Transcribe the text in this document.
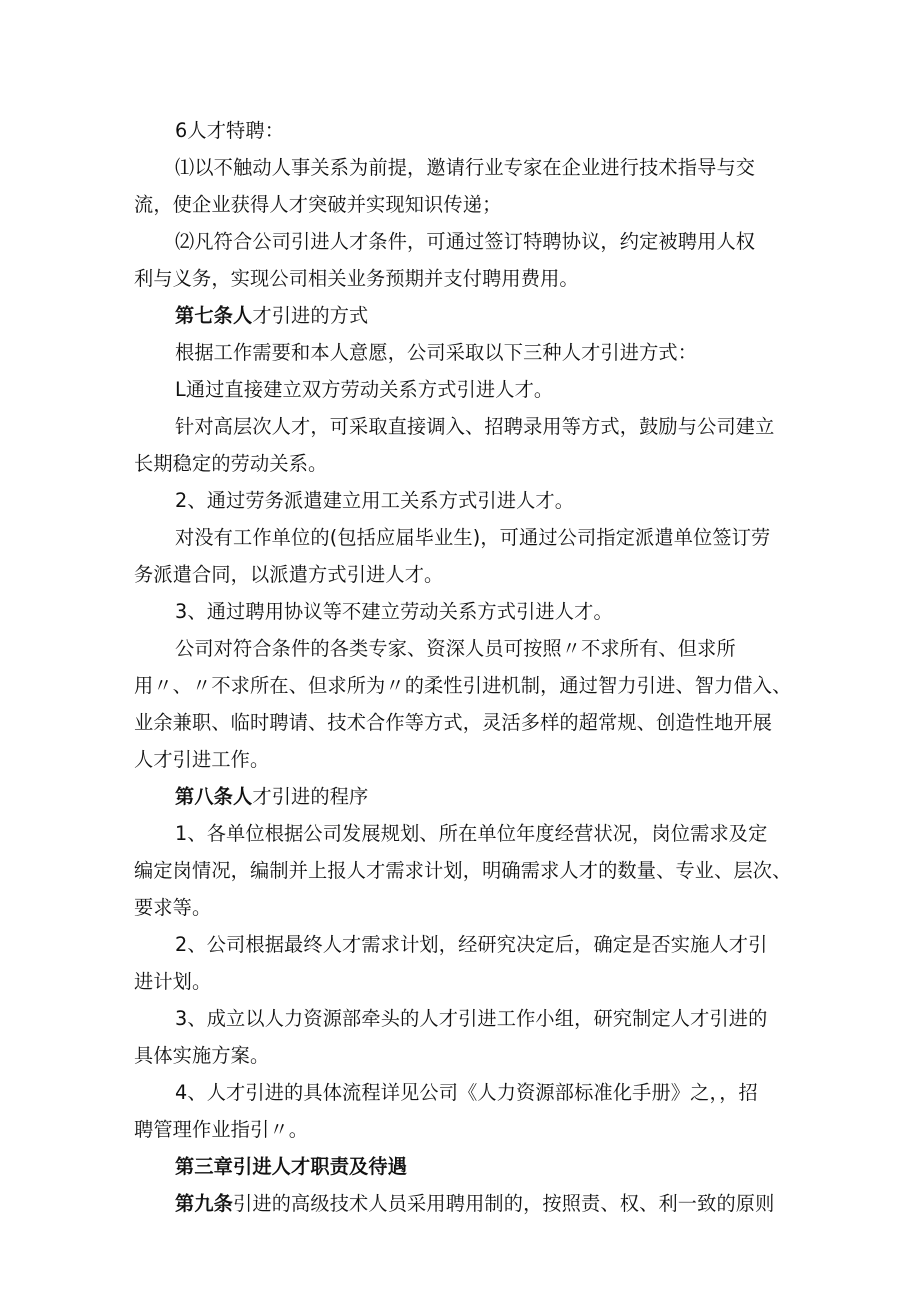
6人才特聘：
⑴以不触动人事关系为前提，邀请行业专家在企业进行技术指导与交
流，使企业获得人才突破并实现知识传递；
⑵凡符合公司引进人才条件，可通过签订特聘协议，约定被聘用人权
利与义务，实现公司相关业务预期并支付聘用费用。
第七条人才引进的方式
根据工作需要和本人意愿，公司采取以下三种人才引进方式：
L通过直接建立双方劳动关系方式引进人才。
针对高层次人才，可采取直接调入、招聘录用等方式，鼓励与公司建立
长期稳定的劳动关系。
2、通过劳务派遣建立用工关系方式引进人才。
对没有工作单位的(包括应届毕业生)，可通过公司指定派遣单位签订劳
务派遣合同，以派遣方式引进人才。
3、通过聘用协议等不建立劳动关系方式引进人才。
公司对符合条件的各类专家、资深人员可按照〃不求所有、但求所
用〃、〃不求所在、但求所为〃的柔性引进机制，通过智力引进、智力借入、
业余兼职、临时聘请、技术合作等方式，灵活多样的超常规、创造性地开展
人才引进工作。
第八条人才引进的程序
1、各单位根据公司发展规划、所在单位年度经营状况，岗位需求及定
编定岗情况，编制并上报人才需求计划，明确需求人才的数量、专业、层次、
要求等。
2、公司根据最终人才需求计划，经研究决定后，确定是否实施人才引
进计划。
3、成立以人力资源部牵头的人才引进工作小组，研究制定人才引进的
具体实施方案。
4、人才引进的具体流程详见公司《人力资源部标准化手册》之，，招
聘管理作业指引〃。
第三章引进人才职责及待遇
第九条引进的高级技术人员采用聘用制的，按照责、权、利一致的原则
